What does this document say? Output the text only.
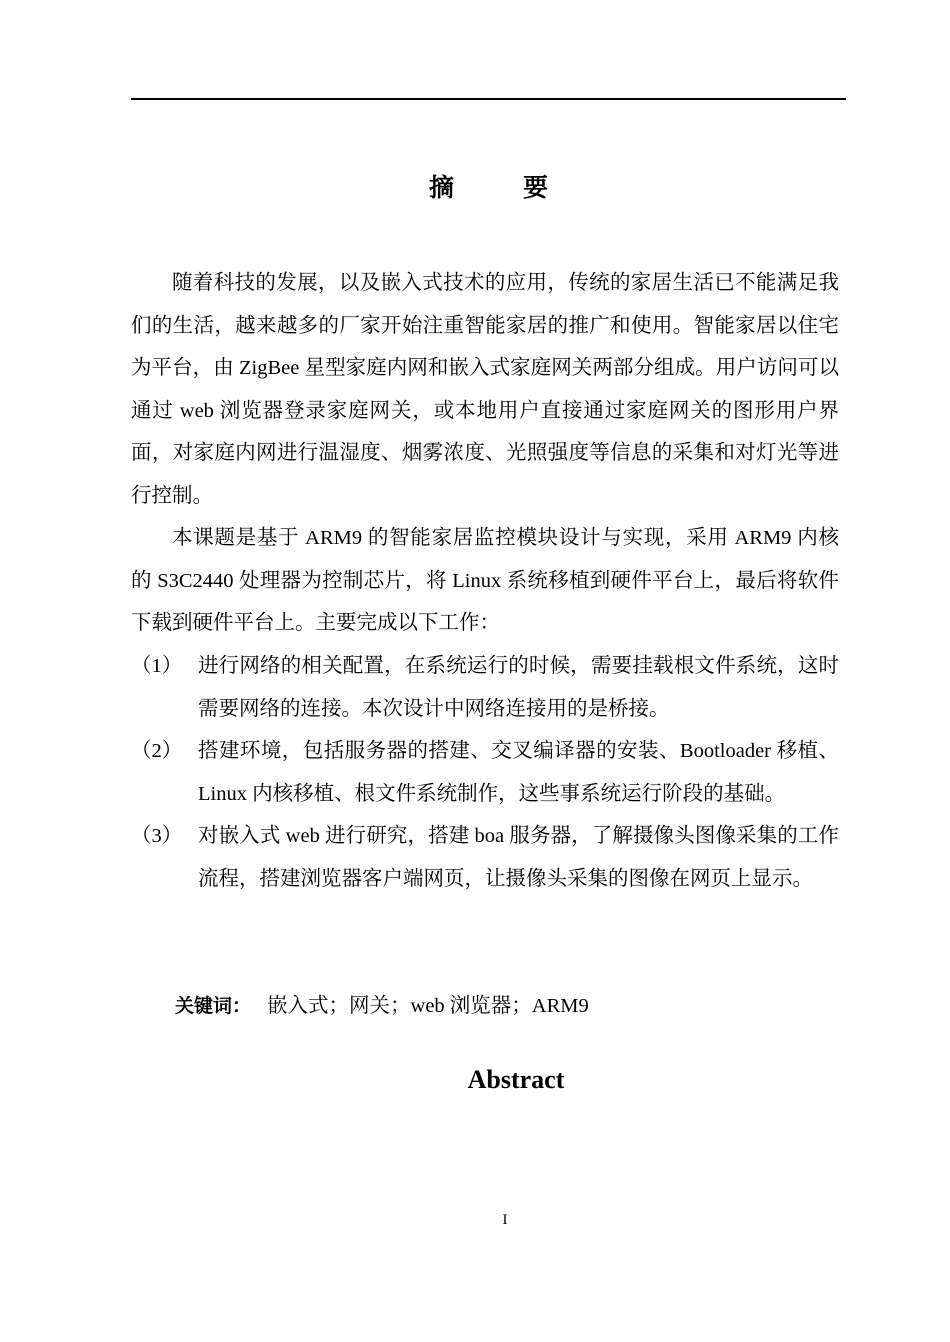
摘　要

随着科技的发展，以及嵌入式技术的应用，传统的家居生活已不能满足我们的生活，越来越多的厂家开始注重智能家居的推广和使用。智能家居以住宅为平台，由 ZigBee 星型家庭内网和嵌入式家庭网关两部分组成。用户访问可以通过 web 浏览器登录家庭网关，或本地用户直接通过家庭网关的图形用户界面，对家庭内网进行温湿度、烟雾浓度、光照强度等信息的采集和对灯光等进行控制。

本课题是基于 ARM9 的智能家居监控模块设计与实现，采用 ARM9 内核的 S3C2440 处理器为控制芯片，将 Linux 系统移植到硬件平台上，最后将软件下载到硬件平台上。主要完成以下工作：

（1） 进行网络的相关配置，在系统运行的时候，需要挂载根文件系统，这时需要网络的连接。本次设计中网络连接用的是桥接。
（2） 搭建环境，包括服务器的搭建、交叉编译器的安装、Bootloader 移植、Linux 内核移植、根文件系统制作，这些事系统运行阶段的基础。
（3） 对嵌入式 web 进行研究，搭建 boa 服务器，了解摄像头图像采集的工作流程，搭建浏览器客户端网页，让摄像头采集的图像在网页上显示。
关键词： 嵌入式；网关；web 浏览器；ARM9
Abstract
I
